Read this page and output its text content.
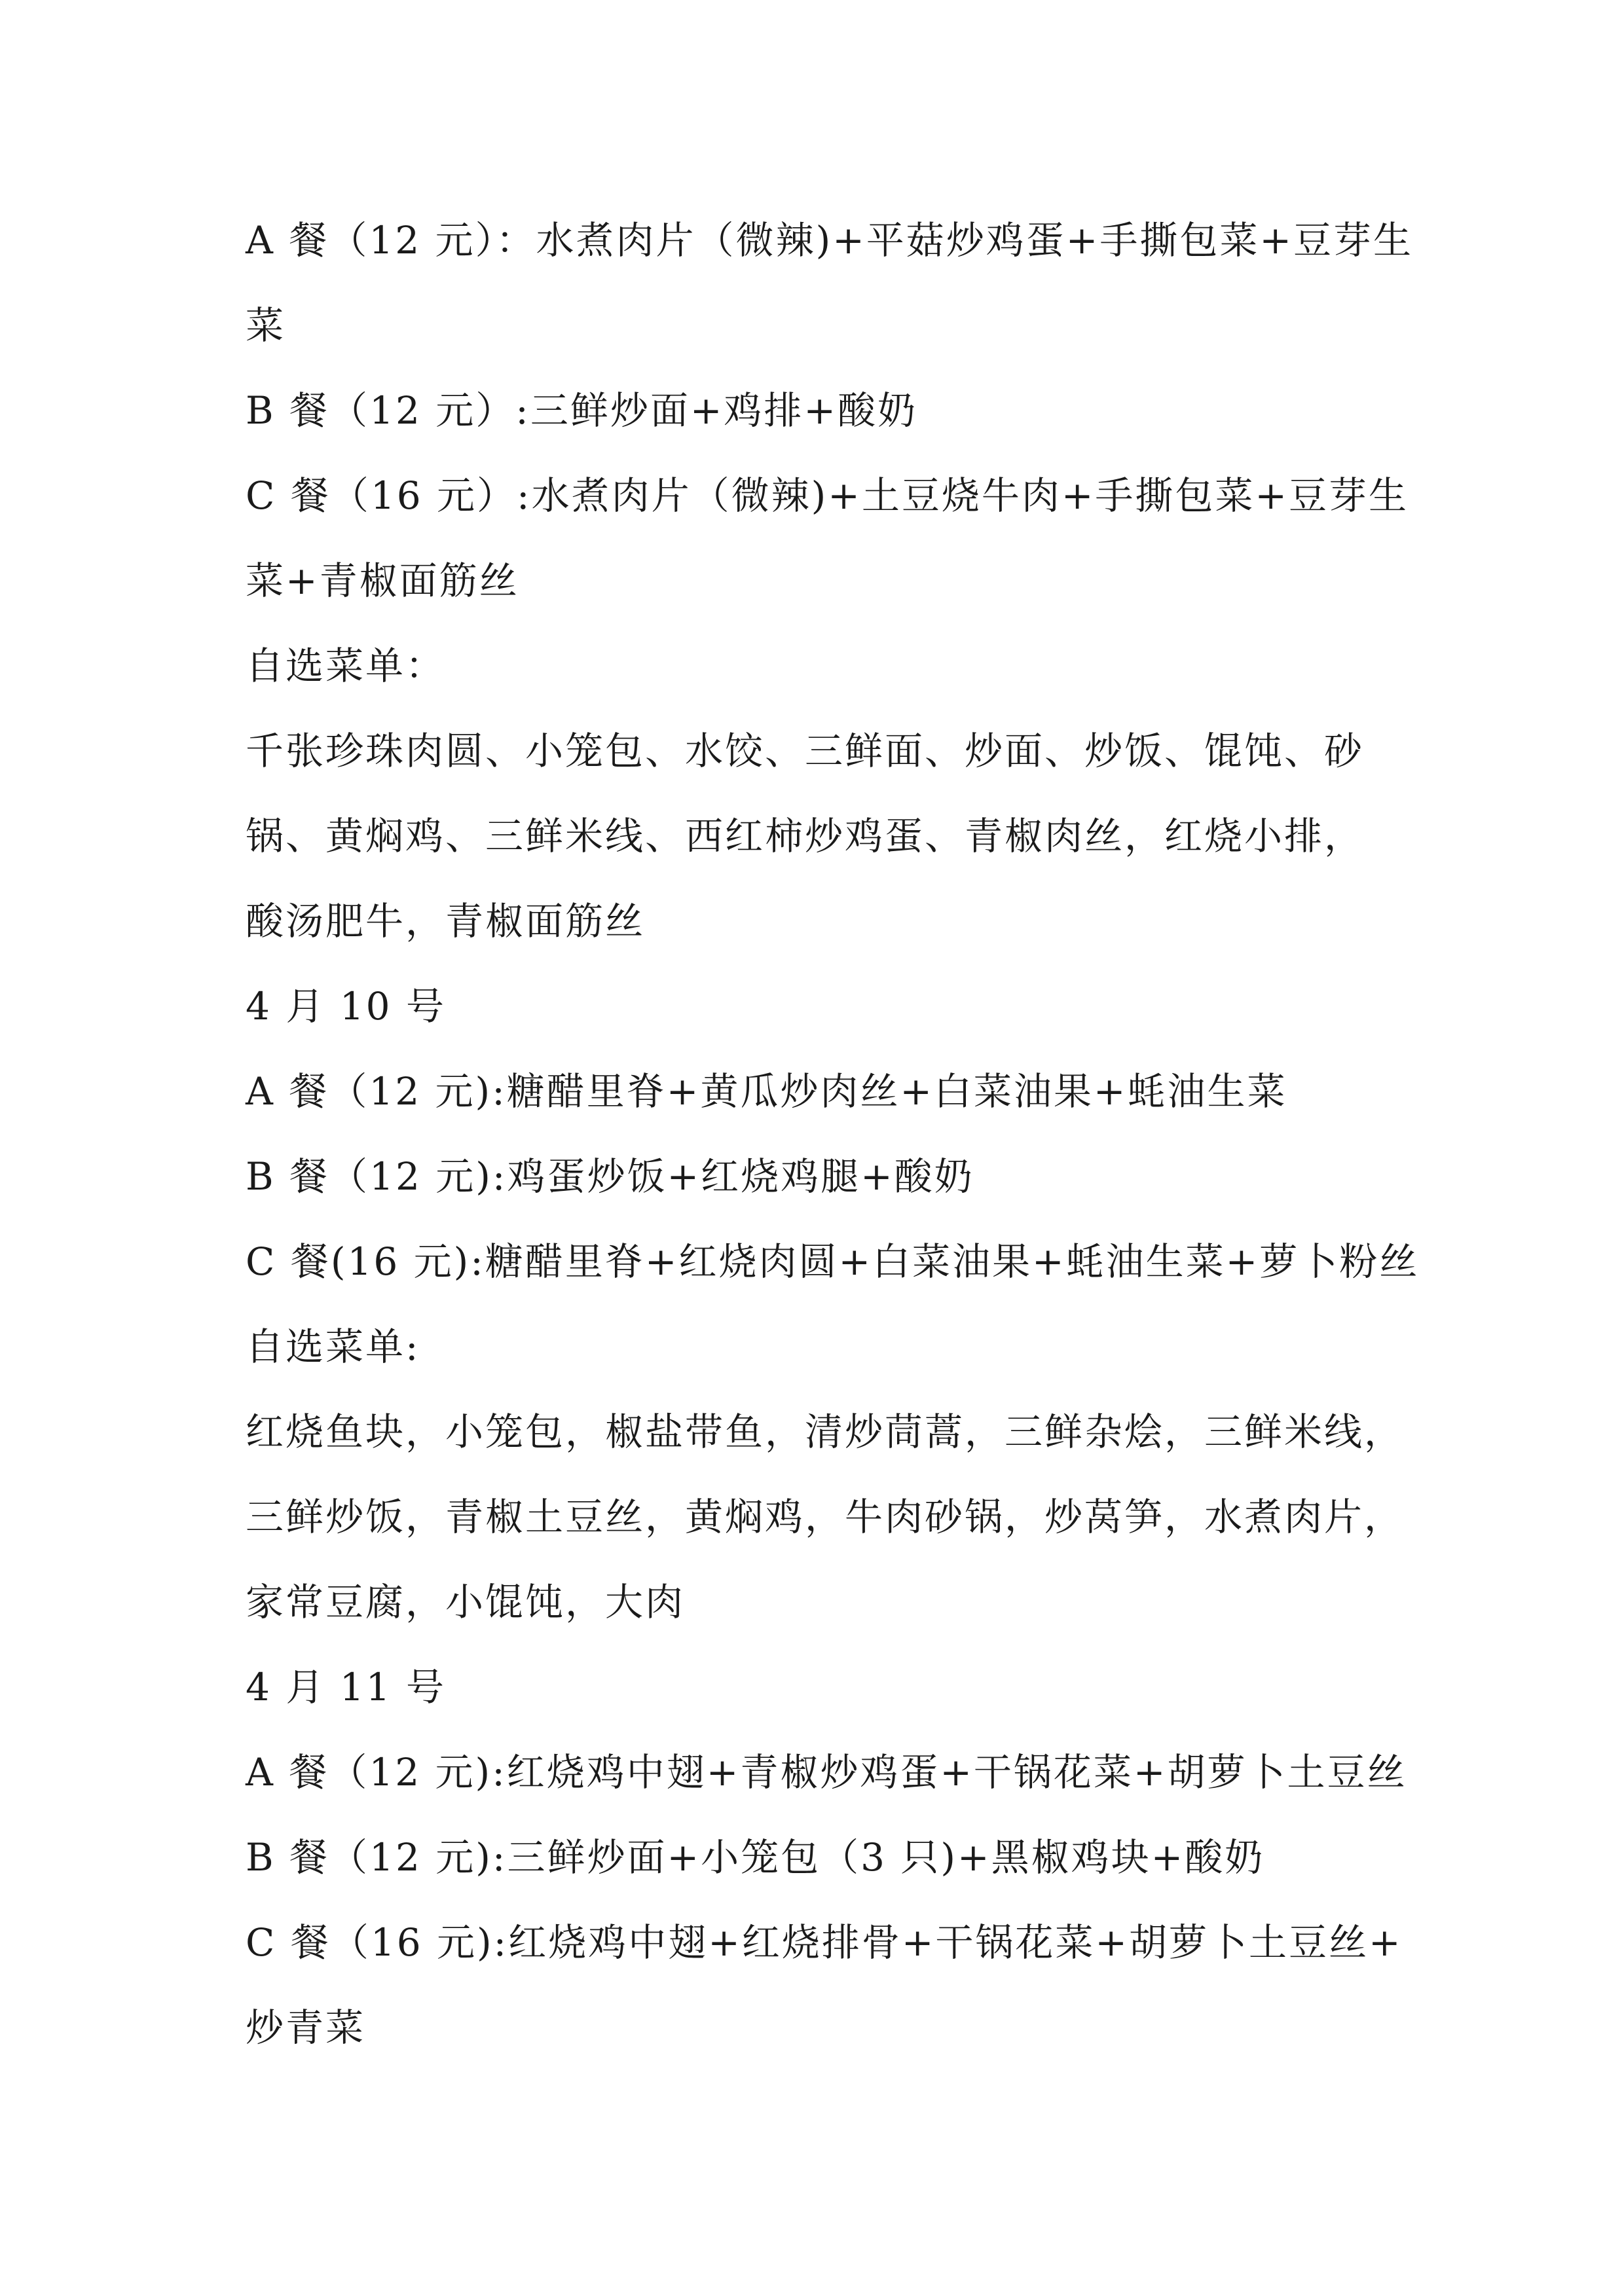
A 餐（12 元）：水煮肉片（微辣)+平菇炒鸡蛋+手撕包菜+豆芽生

菜

B 餐（12 元）:三鲜炒面+鸡排+酸奶

C 餐（16 元）:水煮肉片（微辣)+土豆烧牛肉+手撕包菜+豆芽生

菜+青椒面筋丝

自选菜单：

千张珍珠肉圆、小笼包、水饺、三鲜面、炒面、炒饭、馄饨、砂

锅、黄焖鸡、三鲜米线、西红柿炒鸡蛋、青椒肉丝，红烧小排，

酸汤肥牛，青椒面筋丝

4 月 10 号

A 餐（12 元):糖醋里脊+黄瓜炒肉丝+白菜油果+蚝油生菜

B 餐（12 元):鸡蛋炒饭+红烧鸡腿+酸奶

C 餐(16 元):糖醋里脊+红烧肉圆+白菜油果+蚝油生菜+萝卜粉丝

自选菜单:

红烧鱼块，小笼包，椒盐带鱼，清炒茼蒿，三鲜杂烩，三鲜米线，

三鲜炒饭，青椒土豆丝，黄焖鸡，牛肉砂锅，炒莴笋，水煮肉片，

家常豆腐，小馄饨，大肉

4 月 11 号

A 餐（12 元):红烧鸡中翅+青椒炒鸡蛋+干锅花菜+胡萝卜土豆丝

B 餐（12 元):三鲜炒面+小笼包（3 只)+黑椒鸡块+酸奶

C 餐（16 元):红烧鸡中翅+红烧排骨+干锅花菜+胡萝卜土豆丝+

炒青菜
